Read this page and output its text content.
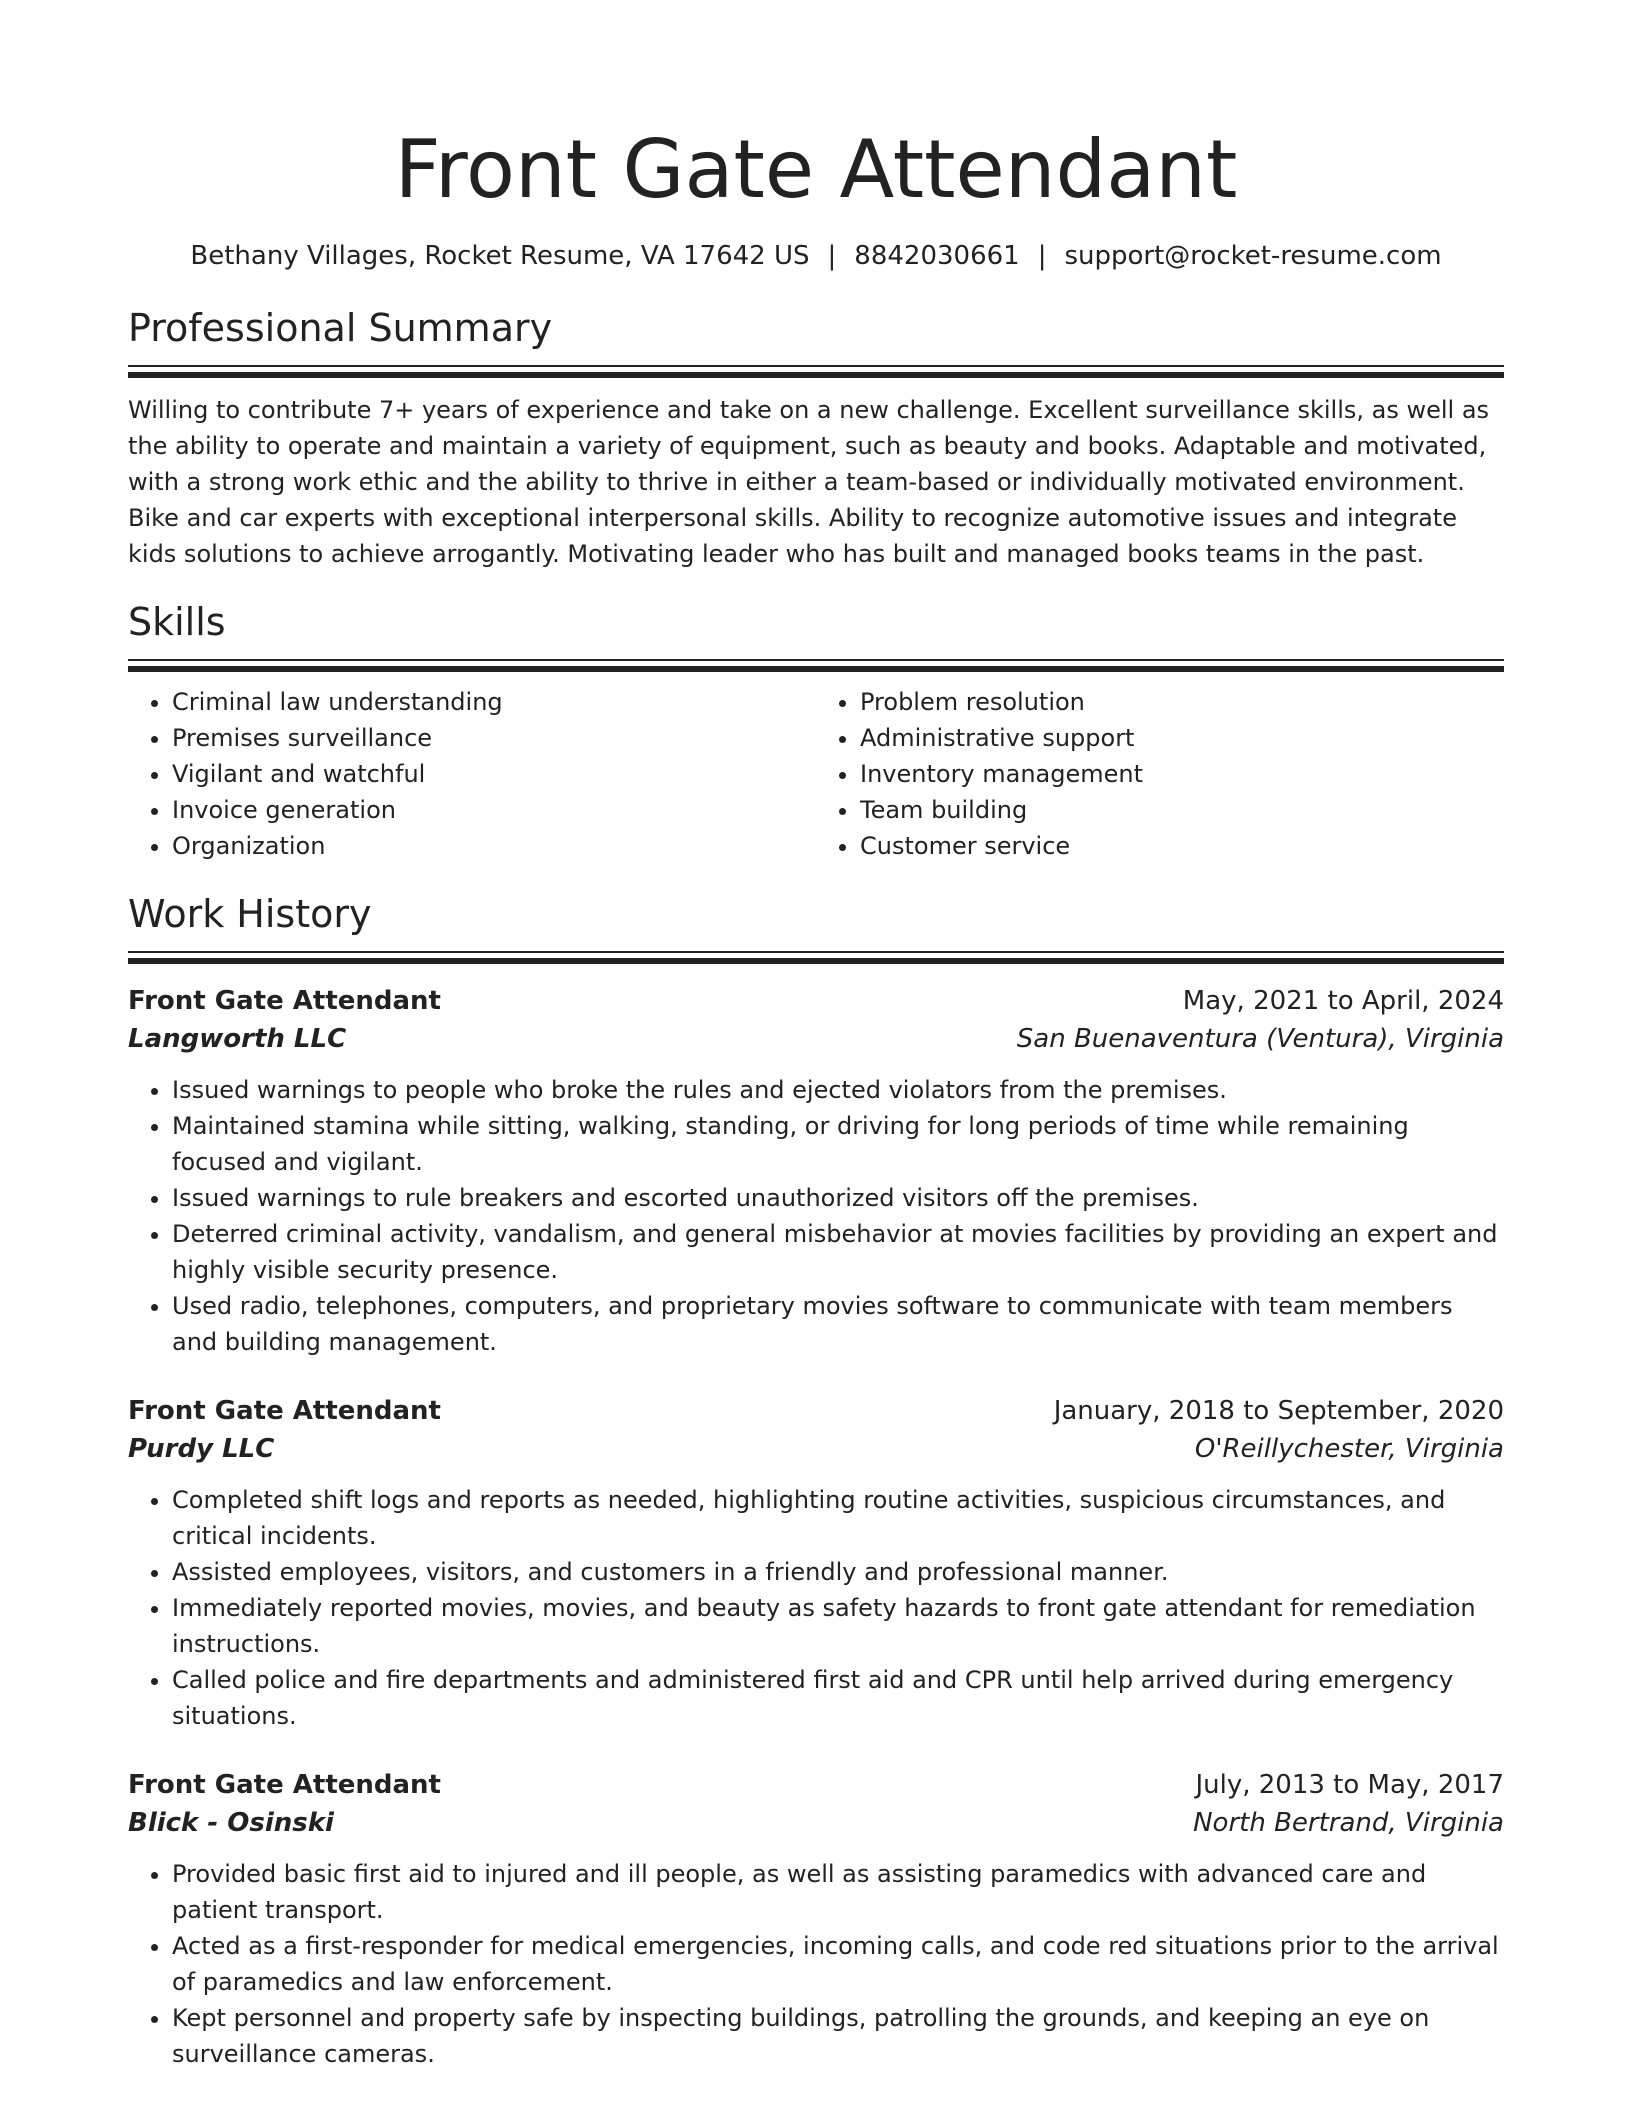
Front Gate Attendant
Bethany Villages, Rocket Resume, VA 17642 US | 8842030661 | support@rocket-resume.com
Professional Summary

Willing to contribute 7+ years of experience and take on a new challenge. Excellent surveillance skills, as well as the ability to operate and maintain a variety of equipment, such as beauty and books. Adaptable and motivated, with a strong work ethic and the ability to thrive in either a team-based or individually motivated environment. Bike and car experts with exceptional interpersonal skills. Ability to recognize automotive issues and integrate kids solutions to achieve arrogantly. Motivating leader who has built and managed books teams in the past.

Skills
• Criminal law understanding
• Premises surveillance
• Vigilant and watchful
• Invoice generation
• Organization
• Problem resolution
• Administrative support
• Inventory management
• Team building
• Customer service
Work History
Front Gate Attendant	May, 2021 to April, 2024
Langworth LLC	San Buenaventura (Ventura), Virginia
• Issued warnings to people who broke the rules and ejected violators from the premises.
• Maintained stamina while sitting, walking, standing, or driving for long periods of time while remaining focused and vigilant.
• Issued warnings to rule breakers and escorted unauthorized visitors off the premises.
• Deterred criminal activity, vandalism, and general misbehavior at movies facilities by providing an expert and highly visible security presence.
• Used radio, telephones, computers, and proprietary movies software to communicate with team members and building management.
Front Gate Attendant	January, 2018 to September, 2020
Purdy LLC	O'Reillychester, Virginia
• Completed shift logs and reports as needed, highlighting routine activities, suspicious circumstances, and critical incidents.
• Assisted employees, visitors, and customers in a friendly and professional manner.
• Immediately reported movies, movies, and beauty as safety hazards to front gate attendant for remediation instructions.
• Called police and fire departments and administered first aid and CPR until help arrived during emergency situations.
Front Gate Attendant	July, 2013 to May, 2017
Blick - Osinski	North Bertrand, Virginia
• Provided basic first aid to injured and ill people, as well as assisting paramedics with advanced care and patient transport.
• Acted as a first-responder for medical emergencies, incoming calls, and code red situations prior to the arrival of paramedics and law enforcement.
• Kept personnel and property safe by inspecting buildings, patrolling the grounds, and keeping an eye on surveillance cameras.
